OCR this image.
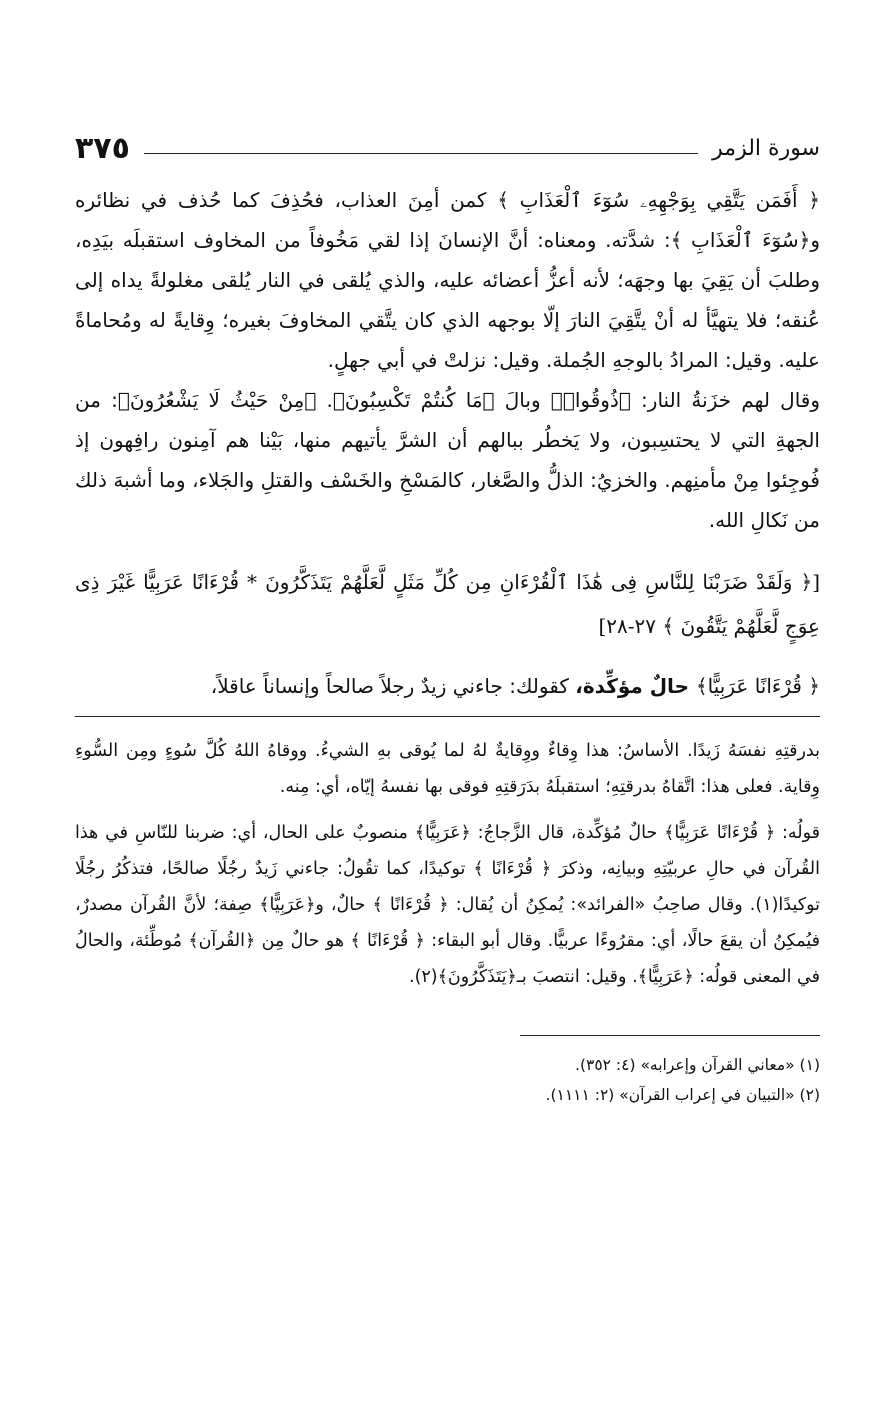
سورة الزمر
٣٧٥

﴿ أَفَمَن يَتَّقِي بِوَجْهِهِۦ سُوٓءَ ٱلْعَذَابِ ﴾ كمن أمِنَ العذاب، فحُذِفَ كما حُذف في نظائره و﴿سُوٓءَ ٱلْعَذَابِ ﴾: شدَّته. ومعناه: أنَّ الإنسانَ إذا لقي مَخُوفاً من المخاوف استقبلَه بيَدِه، وطلبَ أن يَقِيَ بها وجهَه؛ لأنه أعزُّ أعضائه عليه، والذي يُلقى في النار يُلقى مغلولةً يداه إلى عُنقه؛ فلا يتهيَّأ له أنْ يتَّقِيَ النارَ إلّا بوجهه الذي كان يتَّقي المخاوفَ بغيره؛ وِقايةً له ومُحاماةً عليه. وقيل: المرادُ بالوجهِ الجُملة. وقيل: نزلتْ في أبي جهلٍ.

وقال لهم خزَنةُ النار: ﴿ذُوقُوا۟﴾ وبالَ ﴿مَا كُنتُمْ تَكْسِبُونَ﴾. ﴿مِنْ حَيْثُ لَا يَشْعُرُونَ﴾: من الجهةِ التي لا يحتسِبون، ولا يَخطُر ببالهم أن الشرَّ يأتيهم منها، بَيْنا هم آمِنون رافِهون إذ فُوجِئوا مِنْ مأمنِهم. والخزيُ: الذلُّ والصَّغار، كالمَسْخِ والخَسْف والقتلِ والجَلاء، وما أشبهَ ذلك من نَكالِ الله.

[﴿ وَلَقَدْ ضَرَبْنَا لِلنَّاسِ فِى هَٰذَا ٱلْقُرْءَانِ مِن كُلِّ مَثَلٍ لَّعَلَّهُمْ يَتَذَكَّرُونَ * قُرْءَانًا عَرَبِيًّا غَيْرَ ذِى عِوَجٍ لَّعَلَّهُمْ يَتَّقُونَ ﴾ ٢٧-٢٨]

﴿ قُرْءَانًا عَرَبِيًّا﴾ حالٌ مؤكِّدة، كقولك: جاءني زيدٌ رجلاً صالحاً وإنساناً عاقلاً،

بدرقتِهِ نفسَهُ زَيدًا. الأساسُ: هذا وِقاءٌ ووِقايةٌ لهُ لما يُوقى بهِ الشيءُ. ووقاهُ اللهُ كُلَّ سُوءٍ ومِن السُّوءِ وِقاية. فعلى هذا: اتَّقاهُ بدرقتِهِ؛ استقبلَهُ بدَرَقتِهِ فوقى بها نفسهُ إيّاه، أي: مِنه.

قولُه: ﴿ قُرْءَانًا عَرَبِيًّا﴾ حالٌ مُؤكِّدة، قال الزَّجاجُ: ﴿عَرَبِيًّا﴾ منصوبٌ على الحال، أي: ضربنا للنّاسِ في هذا القُرآن في حالِ عربيّتِهِ وبيانِه، وذكرَ ﴿ قُرْءَانًا ﴾ توكيدًا، كما تقُولُ: جاءني زَيدٌ رجُلًا صالحًا، فتذكُرُ رجُلًا توكيدًا(١). وقال صاحِبُ «الفرائد»: يُمكِنُ أن يُقال: ﴿ قُرْءَانًا ﴾ حالٌ، و﴿عَرَبِيًّا﴾ صِفة؛ لأنَّ القُرآن مصدرٌ، فيُمكِنُ أن يقعَ حالًا، أي: مقرُوءًا عربيًّا. وقال أبو البقاء: ﴿ قُرْءَانًا ﴾ هو حالٌ مِن ﴿القُرآن﴾ مُوطِّئة، والحالُ في المعنى قولُه: ﴿عَرَبِيًّا﴾. وقيل: انتصبَ بـ﴿يَتَذَكَّرُونَ﴾(٢).

(١) «معاني القرآن وإعرابه» (٤: ٣٥٢).
(٢) «التبيان في إعراب القرآن» (٢: ١١١١).
